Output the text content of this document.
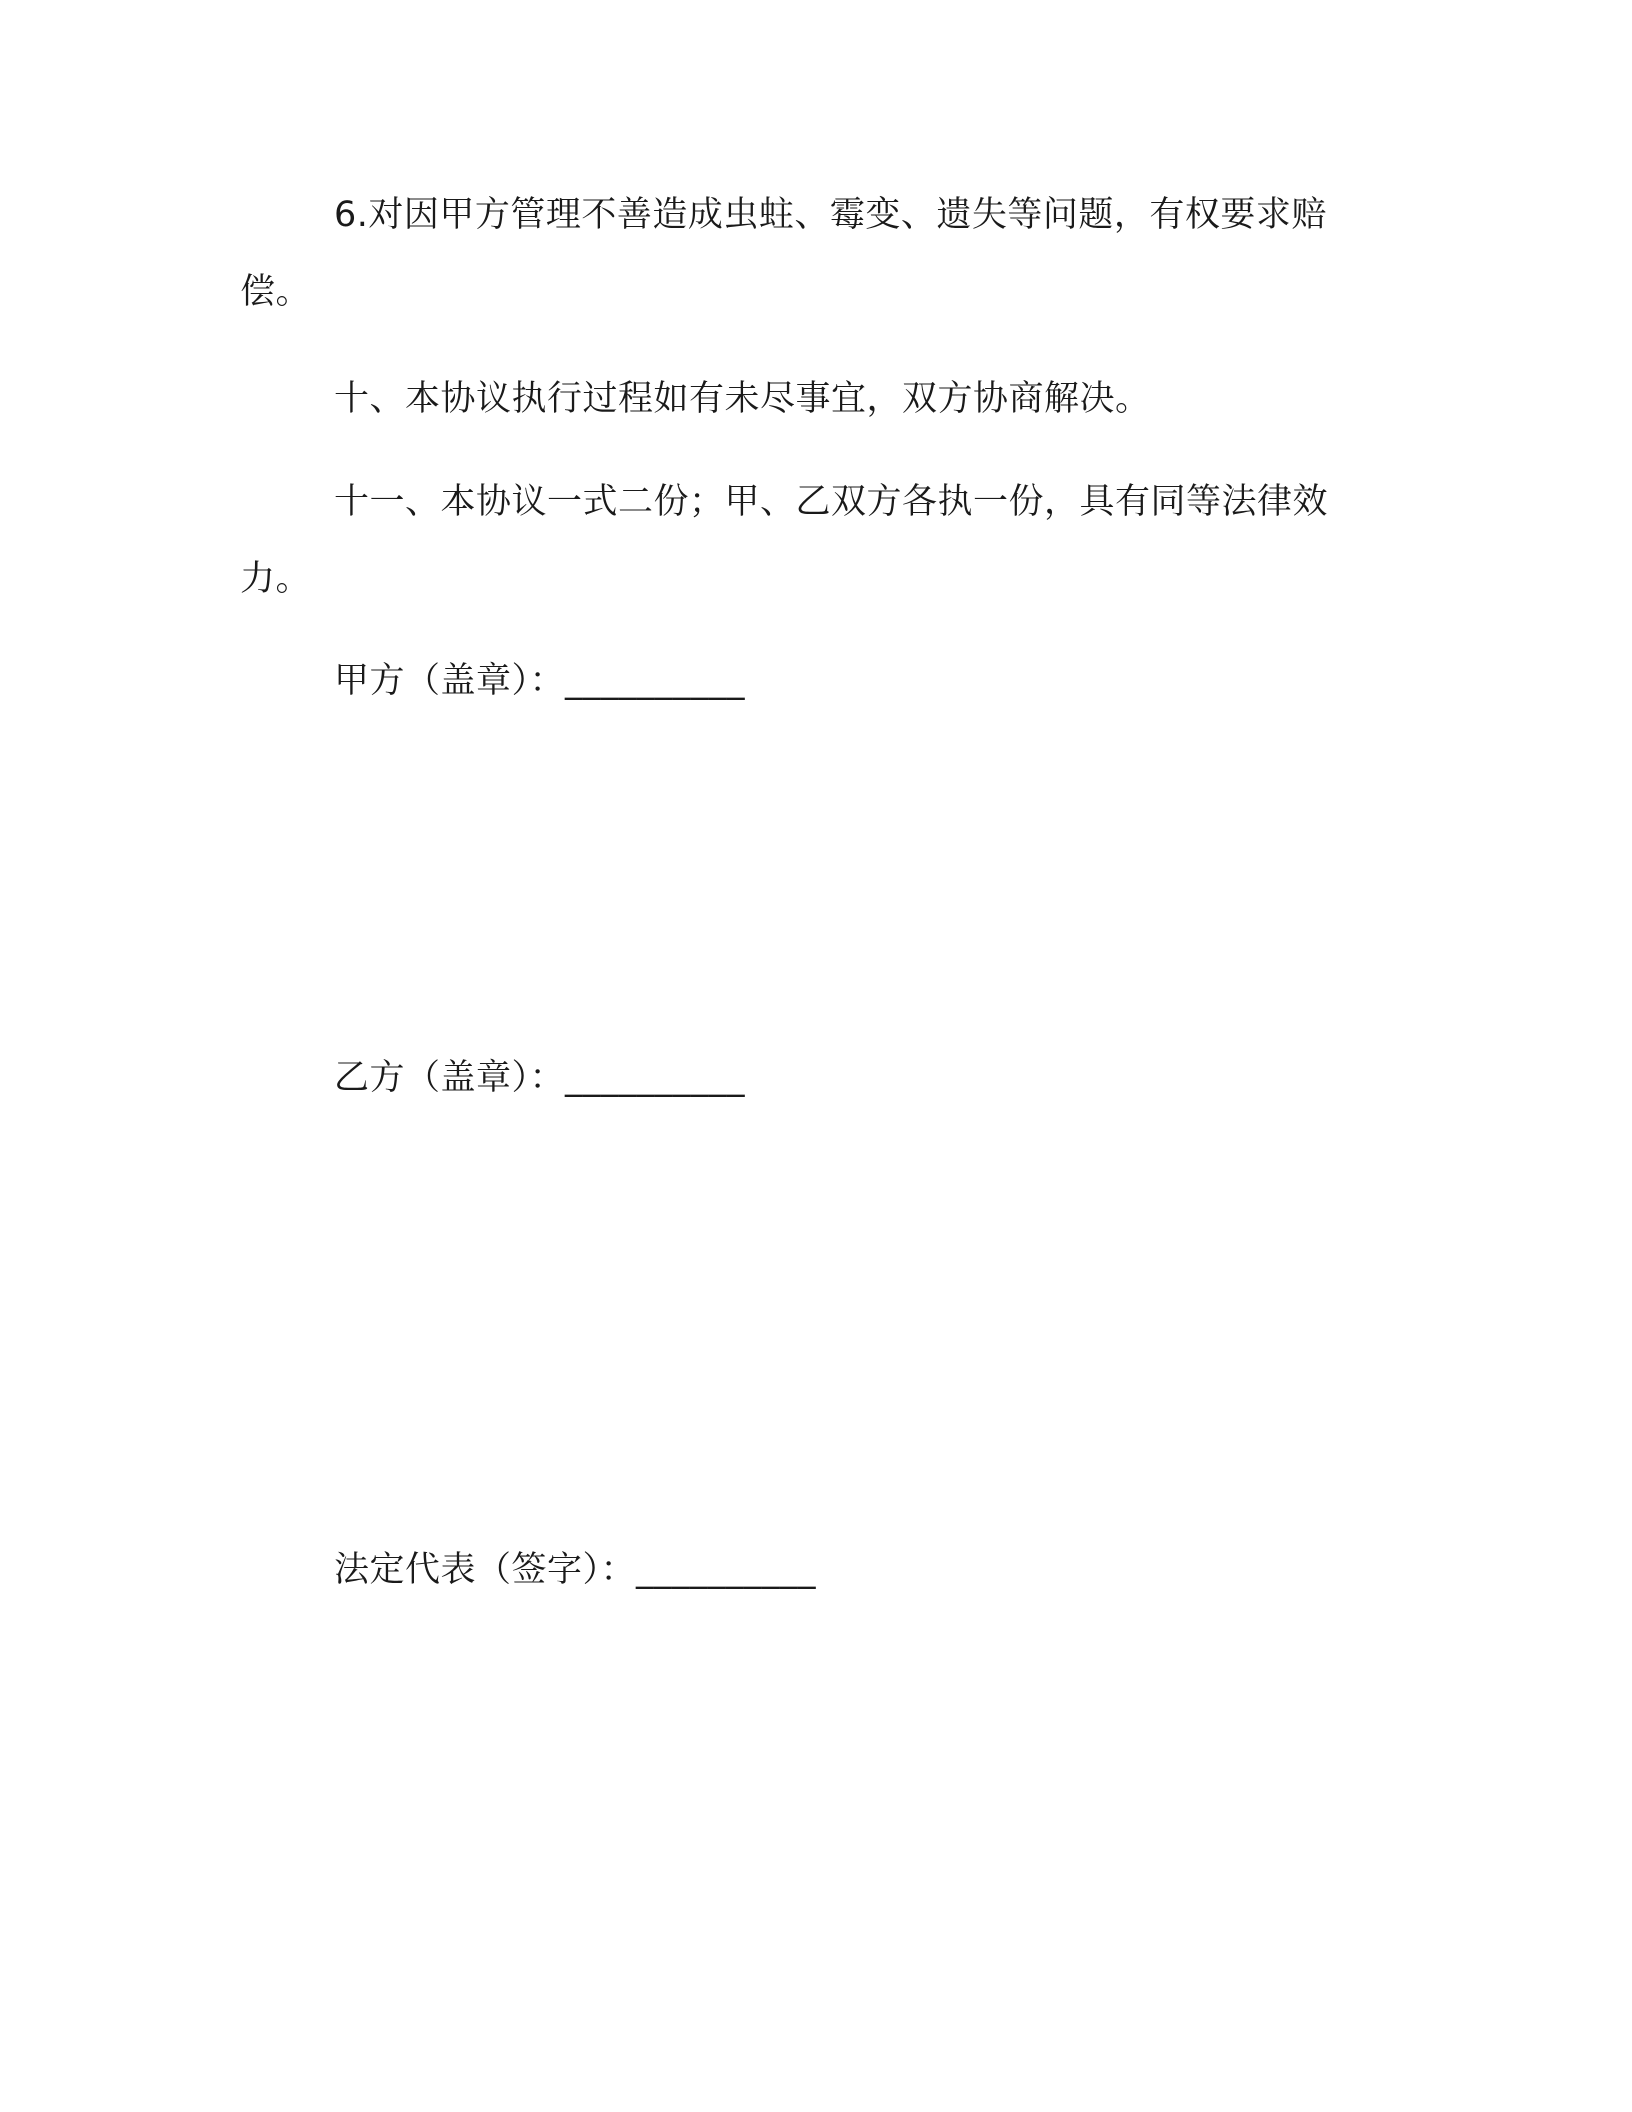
6.对因甲方管理不善造成虫蛀、霉变、遗失等问题，有权要求赔偿。

十、本协议执行过程如有未尽事宜，双方协商解决。

十一、本协议一式二份；甲、乙双方各执一份，具有同等法律效力。

甲方（盖章）：__________

乙方（盖章）：__________

法定代表（签字）：__________
